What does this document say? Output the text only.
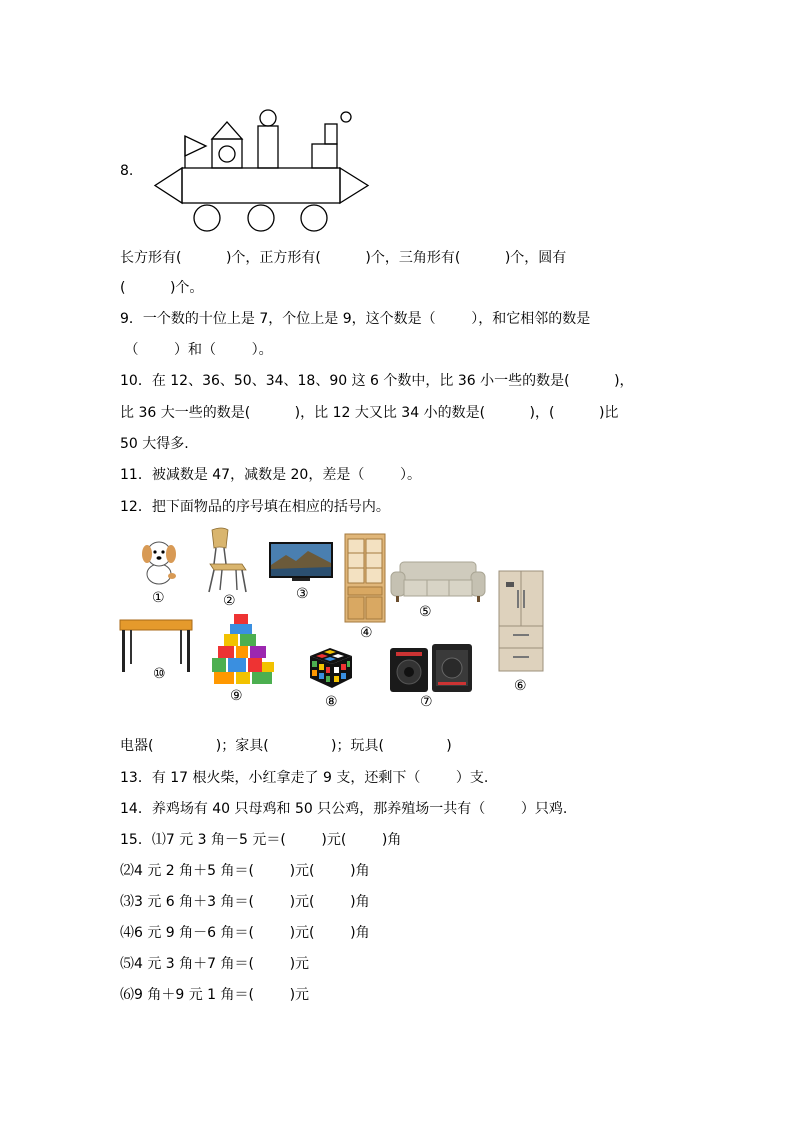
8.
长方形有(          )个，正方形有(          )个，三角形有(          )个，圆有
(          )个。
9．一个数的十位上是 7，个位上是 9，这个数是（        ），和它相邻的数是
（        ）和（        ）。
10．在 12、36、50、34、18、90 这 6 个数中，比 36 小一些的数是(          )，
比 36 大一些的数是(          )，比 12 大又比 34 小的数是(          )，(          )比
50 大得多.
11．被减数是 47，减数是 20，差是（        ）。
12．把下面物品的序号填在相应的括号内。
①	②	③
④
⑤
⑥
⑩
⑨	⑧	⑦
电器(              )；家具(              )；玩具(              )
13．有 17 根火柴，小红拿走了 9 支，还剩下（        ）支.
14．养鸡场有 40 只母鸡和 50 只公鸡，那养殖场一共有（        ）只鸡.
15．⑴7 元 3 角－5 元＝(        )元(        )角
⑵4 元 2 角＋5 角＝(        )元(        )角
⑶3 元 6 角＋3 角＝(        )元(        )角
⑷6 元 9 角－6 角＝(        )元(        )角
⑸4 元 3 角＋7 角＝(        )元
⑹9 角＋9 元 1 角＝(        )元
